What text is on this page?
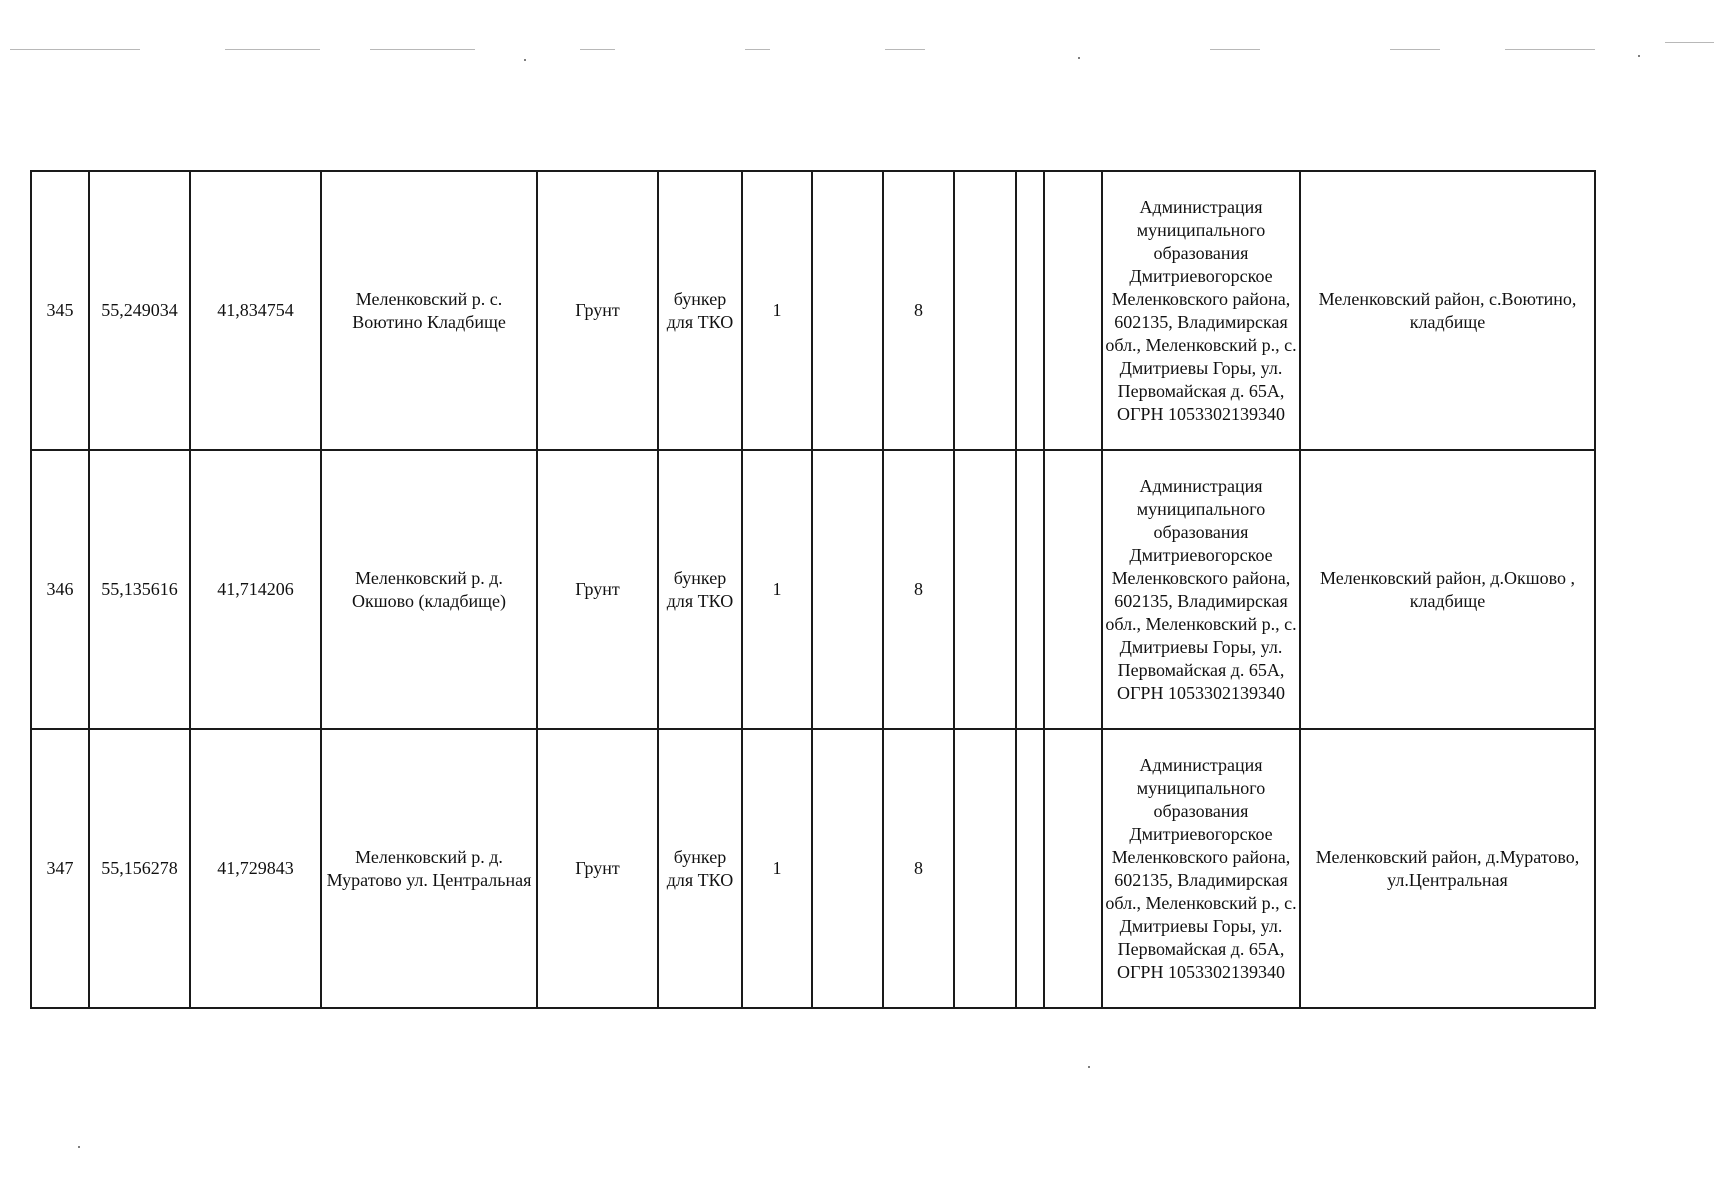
345	55,249034	41,834754	Меленковский р. с. Воютино Кладбище	Грунт	бункер для ТКО	1		8				Администрация муниципального образования Дмитриевогорское Меленковского района, 602135, Владимирская обл., Меленковский р., с. Дмитриевы Горы, ул. Первомайская д. 65А, ОГРН 1053302139340	Меленковский район, с.Воютино, кладбище
346	55,135616	41,714206	Меленковский р. д. Окшово (кладбище)	Грунт	бункер для ТКО	1		8				Администрация муниципального образования Дмитриевогорское Меленковского района, 602135, Владимирская обл., Меленковский р., с. Дмитриевы Горы, ул. Первомайская д. 65А, ОГРН 1053302139340	Меленковский район, д.Окшово , кладбище
347	55,156278	41,729843	Меленковский р. д. Муратово ул. Центральная	Грунт	бункер для ТКО	1		8				Администрация муниципального образования Дмитриевогорское Меленковского района, 602135, Владимирская обл., Меленковский р., с. Дмитриевы Горы, ул. Первомайская д. 65А, ОГРН 1053302139340	Меленковский район, д.Муратово, ул.Центральная
